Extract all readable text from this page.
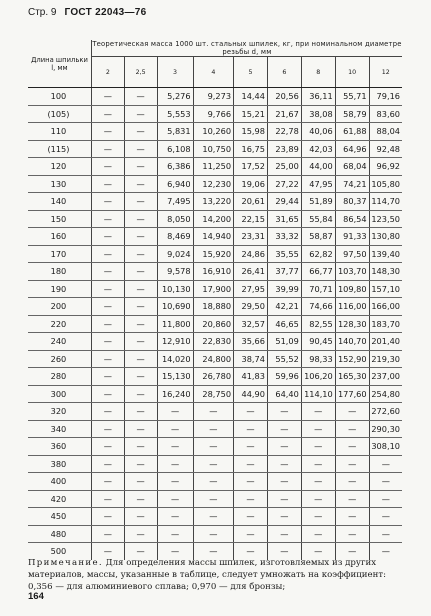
Стр. 9 ГОСТ 22043—76
Длина шпильки l, мм	Теоретическая масса 1000 шт. стальных шпилек, кг, при номинальном диаметре резьбы d, мм								
	2	2,5	3	4	5	6	8	10	12
100	—	—	5,276	9,273	14,44	20,56	36,11	55,71	79,16
(105)	—	—	5,553	9,766	15,21	21,67	38,08	58,79	83,60
110	—	—	5,831	10,260	15,98	22,78	40,06	61,88	88,04
(115)	—	—	6,108	10,750	16,75	23,89	42,03	64,96	92,48
120	—	—	6,386	11,250	17,52	25,00	44,00	68,04	96,92
130	—	—	6,940	12,230	19,06	27,22	47,95	74,21	105,80
140	—	—	7,495	13,220	20,61	29,44	51,89	80,37	114,70
150	—	—	8,050	14,200	22,15	31,65	55,84	86,54	123,50
160	—	—	8,469	14,940	23,31	33,32	58,87	91,33	130,80
170	—	—	9,024	15,920	24,86	35,55	62,82	97,50	139,40
180	—	—	9,578	16,910	26,41	37,77	66,77	103,70	148,30
190	—	—	10,130	17,900	27,95	39,99	70,71	109,80	157,10
200	—	—	10,690	18,880	29,50	42,21	74,66	116,00	166,00
220	—	—	11,800	20,860	32,57	46,65	82,55	128,30	183,70
240	—	—	12,910	22,830	35,66	51,09	90,45	140,70	201,40
260	—	—	14,020	24,800	38,74	55,52	98,33	152,90	219,30
280	—	—	15,130	26,780	41,83	59,96	106,20	165,30	237,00
300	—	—	16,240	28,750	44,90	64,40	114,10	177,60	254,80
320	—	—	—	—	—	—	—	—	272,60
340	—	—	—	—	—	—	—	—	290,30
360	—	—	—	—	—	—	—	—	308,10
380	—	—	—	—	—	—	—	—	—
400	—	—	—	—	—	—	—	—	—
420	—	—	—	—	—	—	—	—	—
450	—	—	—	—	—	—	—	—	—
480	—	—	—	—	—	—	—	—	—
500	—	—	—	—	—	—	—	—	—
Примечание. Для определения массы шпилек, изготовляемых из других материалов, массы, указанные в таблице, следует умножать на коэффициент: 0,356 — для алюминиевого сплава; 0,970 — для бронзы;
164
